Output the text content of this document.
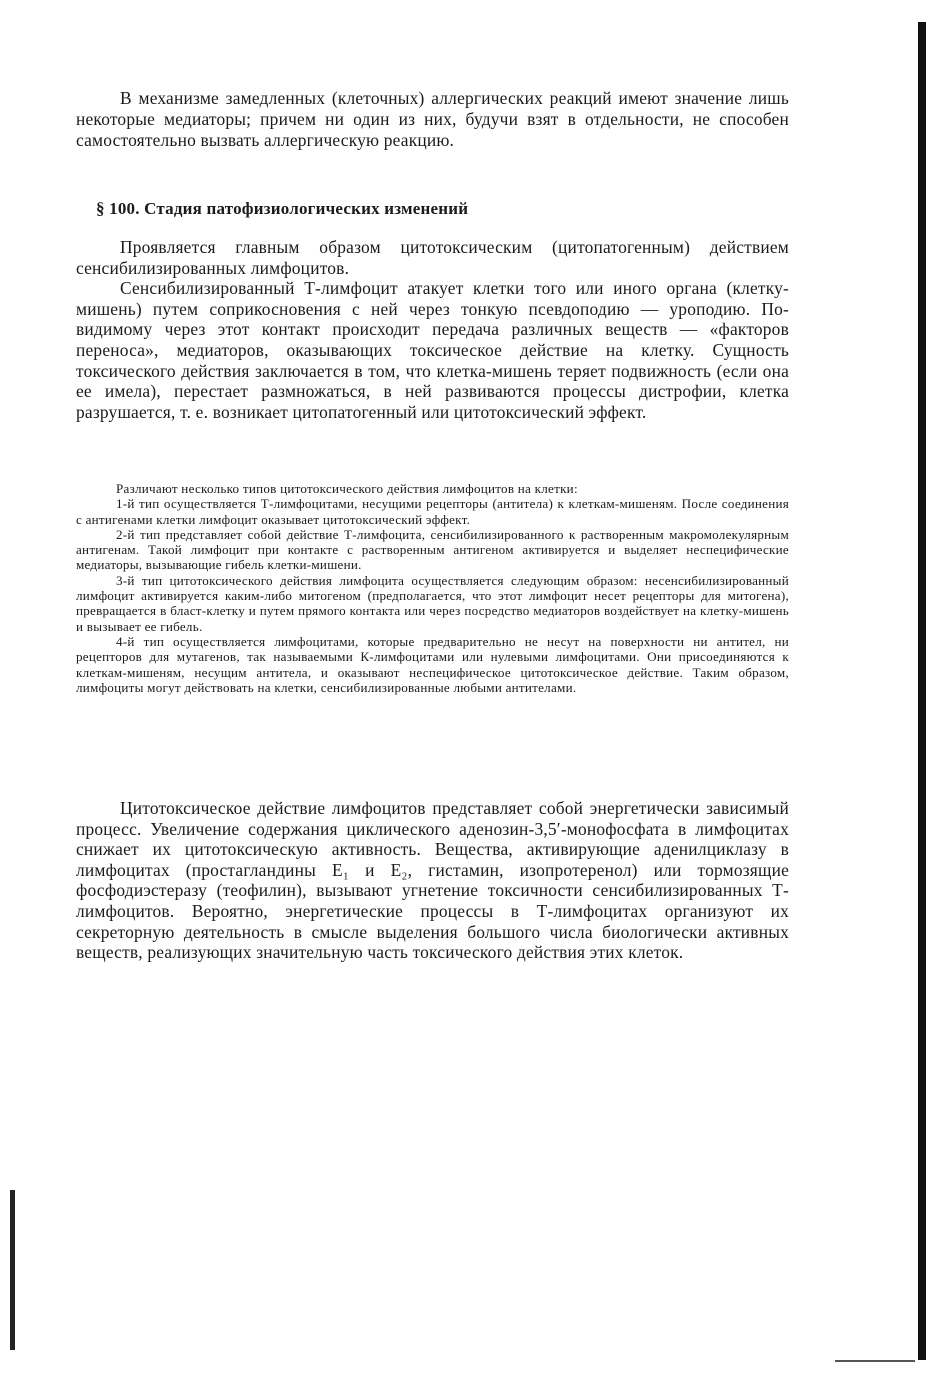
В механизме замедленных (клеточных) аллергических реакций имеют значение лишь некоторые медиаторы; причем ни один из них, будучи взят в отдельности, не способен самостоятельно вызвать аллергическую реакцию.

§ 100. Стадия патофизиологических изменений

Проявляется главным образом цитотоксическим (цитопатогенным) действием сенсибилизированных лимфоцитов.

Сенсибилизированный Т-лимфоцит атакует клетки того или иного органа (клетку-мишень) путем соприкосновения с ней через тонкую псевдоподию — уроподию. По-видимому через этот контакт происходит передача различных веществ — «факторов переноса», медиаторов, оказывающих токсическое действие на клетку. Сущность токсического действия заключается в том, что клетка-мишень теряет подвижность (если она ее имела), перестает размножаться, в ней развиваются процессы дистрофии, клетка разрушается, т. е. возникает цитопатогенный или цитотоксический эффект.

Различают несколько типов цитотоксического действия лимфоцитов на клетки:

1-й тип осуществляется Т-лимфоцитами, несущими рецепторы (антитела) к клеткам-мишеням. После соединения с антигенами клетки лимфоцит оказывает цитотоксический эффект.

2-й тип представляет собой действие Т-лимфоцита, сенсибилизированного к растворенным макромолекулярным антигенам. Такой лимфоцит при контакте с растворенным антигеном активируется и выделяет неспецифические медиаторы, вызывающие гибель клетки-мишени.

3-й тип цитотоксического действия лимфоцита осуществляется следующим образом: несенсибилизированный лимфоцит активируется каким-либо митогеном (предполагается, что этот лимфоцит несет рецепторы для митогена), превращается в бласт-клетку и путем прямого контакта или через посредство медиаторов воздействует на клетку-мишень и вызывает ее гибель.

4-й тип осуществляется лимфоцитами, которые предварительно не несут на поверхности ни антител, ни рецепторов для мутагенов, так называемыми К-лимфоцитами или нулевыми лимфоцитами. Они присоединяются к клеткам-мишеням, несущим антитела, и оказывают неспецифическое цитотоксическое действие. Таким образом, лимфоциты могут действовать на клетки, сенсибилизированные любыми антителами.

Цитотоксическое действие лимфоцитов представляет собой энергетически зависимый процесс. Увеличение содержания циклического аденозин-3,5′-монофосфата в лимфоцитах снижает их цитотоксическую активность. Вещества, активирующие аденилциклазу в лимфоцитах (простагландины E₁ и E₂, гистамин, изопротеренол) или тормозящие фосфодиэстеразу (теофилин), вызывают угнетение токсичности сенсибилизированных Т-лимфоцитов. Вероятно, энергетические процессы в Т-лимфоцитах организуют их секреторную деятельность в смысле выделения большого числа биологически активных веществ, реализующих значительную часть токсического действия этих клеток.
